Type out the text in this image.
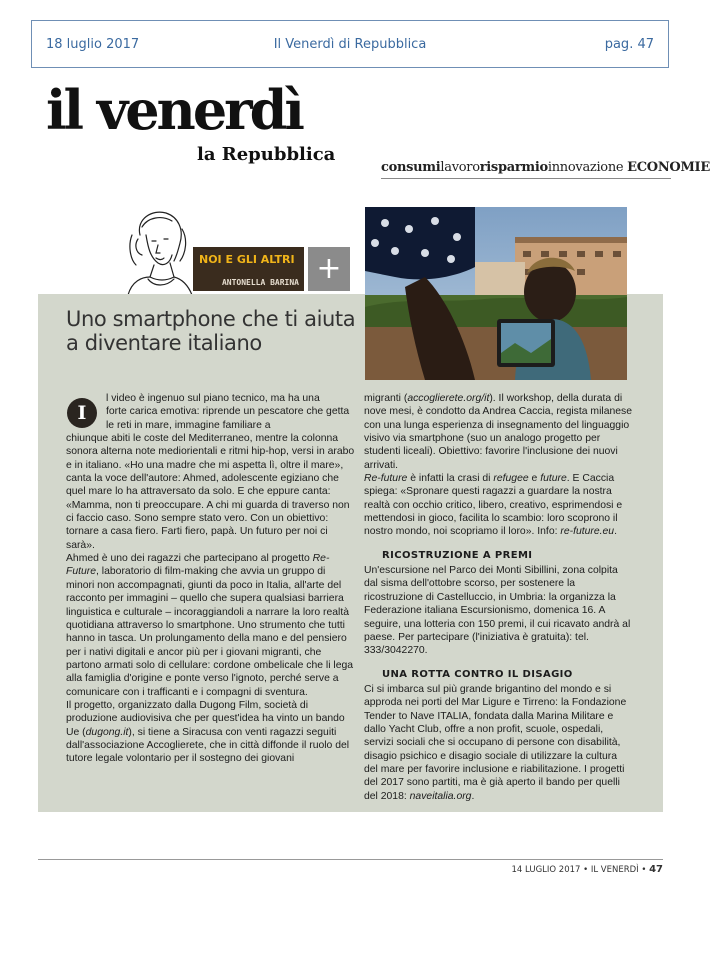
18 luglio 2017	Il Venerdì di Repubblica	pag. 47
il venerdì
la Repubblica
consumilavororisparmioinnovazione ECONOMIE
NOI E GLI ALTRI
ANTONELLA BARINA +
Uno smartphone che ti aiuta a diventare italiano
I

l video è ingenuo sul piano tecnico, ma ha una

forte carica emotiva: riprende un pescatore che getta le reti in mare, immagine familiare a

chiunque abiti le coste del Mediterraneo, mentre la colonna sonora alterna note mediorientali e ritmi hip-hop, versi in arabo e in italiano. «Ho una madre che mi aspetta lì, oltre il mare», canta la voce dell'autore: Ahmed, adolescente egiziano che quel mare lo ha attraversato da solo. E che eppure canta: «Mamma, non ti preoccupare. A chi mi guarda di traverso non ci faccio caso. Sono sempre stato vero. Con un obiettivo: tornare a casa fiero. Farti fiero, papà. Un futuro per noi ci sarà».

Ahmed è uno dei ragazzi che partecipano al progetto Re-Future, laboratorio di film-making che avvia un gruppo di minori non accompagnati, giunti da poco in Italia, all'arte del racconto per immagini – quello che supera qualsiasi barriera linguistica e culturale – incoraggiandoli a narrare la loro realtà quotidiana attraverso lo smartphone. Uno strumento che tutti hanno in tasca. Un prolungamento della mano e del pensiero per i nativi digitali e ancor più per i giovani migranti, che partono armati solo di cellulare: cordone ombelicale che li lega alla famiglia d'origine e ponte verso l'ignoto, perché serve a comunicare con i trafficanti e i compagni di sventura.

Il progetto, organizzato dalla Dugong Film, società di produzione audiovisiva che per quest'idea ha vinto un bando Ue (dugong.it), si tiene a Siracusa con venti ragazzi seguiti dall'associazione Accoglierete, che in città diffonde il ruolo del tutore legale volontario per il sostegno dei giovani

migranti (accoglierete.org/it). Il workshop, della durata di nove mesi, è condotto da Andrea Caccia, regista milanese con una lunga esperienza di insegnamento del linguaggio visivo via smartphone (suo un analogo progetto per studenti liceali). Obiettivo: favorire l'inclusione dei nuovi arrivati.

Re-future è infatti la crasi di refugee e future. E Caccia spiega: «Spronare questi ragazzi a guardare la nostra realtà con occhio critico, libero, creativo, esprimendosi e mettendosi in gioco, facilita lo scambio: loro scoprono il nostro mondo, noi scopriamo il loro». Info: re-future.eu.

RICOSTRUZIONE A PREMI

Un'escursione nel Parco dei Monti Sibillini, zona colpita dal sisma dell'ottobre scorso, per sostenere la ricostruzione di Castelluccio, in Umbria: la organizza la Federazione italiana Escursionismo, domenica 16. A seguire, una lotteria con 150 premi, il cui ricavato andrà al paese. Per partecipare (l'iniziativa è gratuita): tel. 333/3042270.

UNA ROTTA CONTRO IL DISAGIO

Ci si imbarca sul più grande brigantino del mondo e si approda nei porti del Mar Ligure e Tirreno: la Fondazione Tender to Nave ITALIA, fondata dalla Marina Militare e dallo Yacht Club, offre a non profit, scuole, ospedali, servizi sociali che si occupano di persone con disabilità, disagio psichico e disagio sociale di utilizzare la cultura del mare per favorire inclusione e riabilitazione. I progetti del 2017 sono partiti, ma è già aperto il bando per quelli del 2018: naveitalia.org.

14 LUGLIO 2017 • IL VENERDÌ • 47
